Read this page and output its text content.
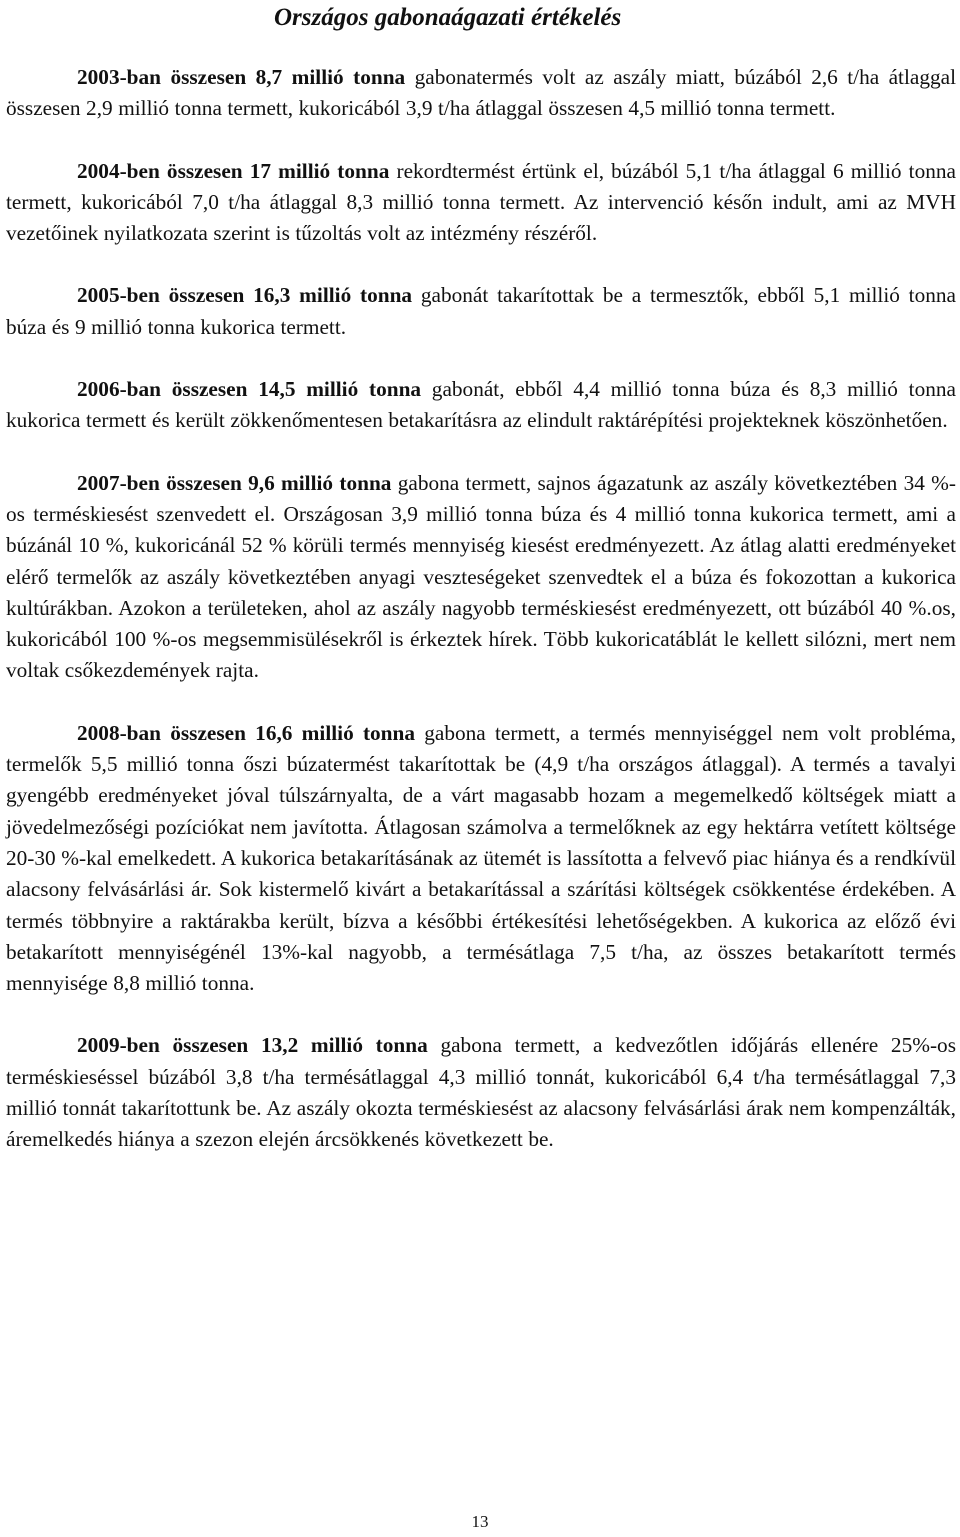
Országos gabonaágazati értékelés

2003-ban összesen 8,7 millió tonna gabonatermés volt az aszály miatt, búzából 2,6 t/ha átlaggal összesen 2,9 millió tonna termett, kukoricából 3,9 t/ha átlaggal összesen 4,5 millió tonna termett.

2004-ben összesen 17 millió tonna rekordtermést értünk el, búzából 5,1 t/ha átlaggal 6 millió tonna termett, kukoricából 7,0 t/ha átlaggal 8,3 millió tonna termett. Az intervenció későn indult, ami az MVH vezetőinek nyilatkozata szerint is tűzoltás volt az intézmény részéről.

2005-ben összesen 16,3 millió tonna gabonát takarítottak be a termesztők, ebből 5,1 millió tonna búza és 9 millió tonna kukorica termett.

2006-ban összesen 14,5 millió tonna gabonát, ebből 4,4 millió tonna búza és 8,3 millió tonna kukorica termett és került zökkenőmentesen betakarításra az elindult raktárépítési projekteknek köszönhetően.

2007-ben összesen 9,6 millió tonna gabona termett, sajnos ágazatunk az aszály következtében 34 %-os terméskiesést szenvedett el. Országosan 3,9 millió tonna búza és 4 millió tonna kukorica termett, ami a búzánál 10 %, kukoricánál 52 % körüli termés mennyiség kiesést eredményezett. Az átlag alatti eredményeket elérő termelők az aszály következtében anyagi veszteségeket szenvedtek el a búza és fokozottan a kukorica kultúrákban. Azokon a területeken, ahol az aszály nagyobb terméskiesést eredményezett, ott búzából 40 %.os, kukoricából 100 %-os megsemmisülésekről is érkeztek hírek. Több kukoricatáblát le kellett silózni, mert nem voltak csőkezdemények rajta.

2008-ban összesen 16,6 millió tonna gabona termett, a termés mennyiséggel nem volt probléma, termelők 5,5 millió tonna őszi búzatermést takarítottak be (4,9 t/ha országos átlaggal). A termés a tavalyi gyengébb eredményeket jóval túlszárnyalta, de a várt magasabb hozam a megemelkedő költségek miatt a jövedelmezőségi pozíciókat nem javította. Átlagosan számolva a termelőknek az egy hektárra vetített költsége 20-30 %-kal emelkedett. A kukorica betakarításának az ütemét is lassította a felvevő piac hiánya és a rendkívül alacsony felvásárlási ár. Sok kistermelő kivárt a betakarítással a szárítási költségek csökkentése érdekében. A termés többnyire a raktárakba került, bízva a későbbi értékesítési lehetőségekben. A kukorica az előző évi betakarított mennyiségénél 13%-kal nagyobb, a termésátlaga 7,5 t/ha, az összes betakarított termés mennyisége 8,8 millió tonna.

2009-ben összesen 13,2 millió tonna gabona termett, a kedvezőtlen időjárás ellenére 25%-os terméskieséssel búzából 3,8 t/ha termésátlaggal 4,3 millió tonnát, kukoricából 6,4 t/ha termésátlaggal 7,3 millió tonnát takarítottunk be. Az aszály okozta terméskiesést az alacsony felvásárlási árak nem kompenzálták, áremelkedés hiánya a szezon elején árcsökkenés következett be.

13
